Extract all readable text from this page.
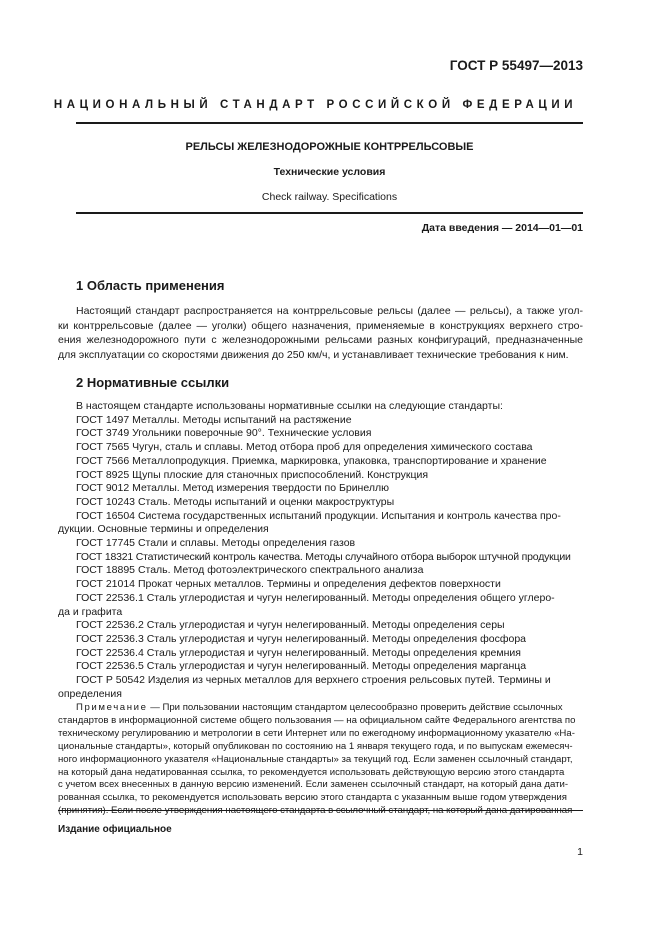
ГОСТ Р 55497—2013
НАЦИОНАЛЬНЫЙ СТАНДАРТ РОССИЙСКОЙ ФЕДЕРАЦИИ
РЕЛЬСЫ ЖЕЛЕЗНОДОРОЖНЫЕ КОНТРРЕЛЬСОВЫЕ
Технические условия
Check railway. Specifications
Дата введения — 2014—01—01
1 Область применения
Настоящий стандарт распространяется на контррельсовые рельсы (далее — рельсы), а также угол-
ки контррельсовые (далее — уголки) общего назначения, применяемые в конструкциях верхнего стро-
ения железнодорожного пути с железнодорожными рельсами разных конфигураций, предназначенные
для эксплуатации со скоростями движения до 250 км/ч, и устанавливает технические требования к ним.
2 Нормативные ссылки
В настоящем стандарте использованы нормативные ссылки на следующие стандарты:
ГОСТ 1497 Металлы. Методы испытаний на растяжение
ГОСТ 3749 Угольники поверочные 90°. Технические условия
ГОСТ 7565 Чугун, сталь и сплавы. Метод отбора проб для определения химического состава
ГОСТ 7566 Металлопродукция. Приемка, маркировка, упаковка, транспортирование и хранение
ГОСТ 8925 Щупы плоские для станочных приспособлений. Конструкция
ГОСТ 9012 Металлы. Метод измерения твердости по Бринеллю
ГОСТ 10243 Сталь. Методы испытаний и оценки макроструктуры
ГОСТ 16504 Система государственных испытаний продукции. Испытания и контроль качества про-
дукции. Основные термины и определения
ГОСТ 17745 Стали и сплавы. Методы определения газов
ГОСТ 18321 Статистический контроль качества. Методы случайного отбора выборок штучной продукции
ГОСТ 18895 Сталь. Метод фотоэлектрического спектрального анализа
ГОСТ 21014 Прокат черных металлов. Термины и определения дефектов поверхности
ГОСТ 22536.1 Сталь углеродистая и чугун нелегированный. Методы определения общего углеро-
да и графита
ГОСТ 22536.2 Сталь углеродистая и чугун нелегированный. Методы определения серы
ГОСТ 22536.3 Сталь углеродистая и чугун нелегированный. Методы определения фосфора
ГОСТ 22536.4 Сталь углеродистая и чугун нелегированный. Методы определения кремния
ГОСТ 22536.5 Сталь углеродистая и чугун нелегированный. Методы определения марганца
ГОСТ Р 50542 Изделия из черных металлов для верхнего строения рельсовых путей. Термины и
определения
Примечание — При пользовании настоящим стандартом целесообразно проверить действие ссылочных
стандартов в информационной системе общего пользования — на официальном сайте Федерального агентства по
техническому регулированию и метрологии в сети Интернет или по ежегодному информационному указателю «На-
циональные стандарты», который опубликован по состоянию на 1 января текущего года, и по выпускам ежемесяч-
ного информационного указателя «Национальные стандарты» за текущий год. Если заменен ссылочный стандарт,
на который дана недатированная ссылка, то рекомендуется использовать действующую версию этого стандарта
с учетом всех внесенных в данную версию изменений. Если заменен ссылочный стандарт, на который дана дати-
рованная ссылка, то рекомендуется использовать версию этого стандарта с указанным выше годом утверждения
(принятия). Если после утверждения настоящего стандарта в ссылочный стандарт, на который дана датированная
Издание официальное
1
